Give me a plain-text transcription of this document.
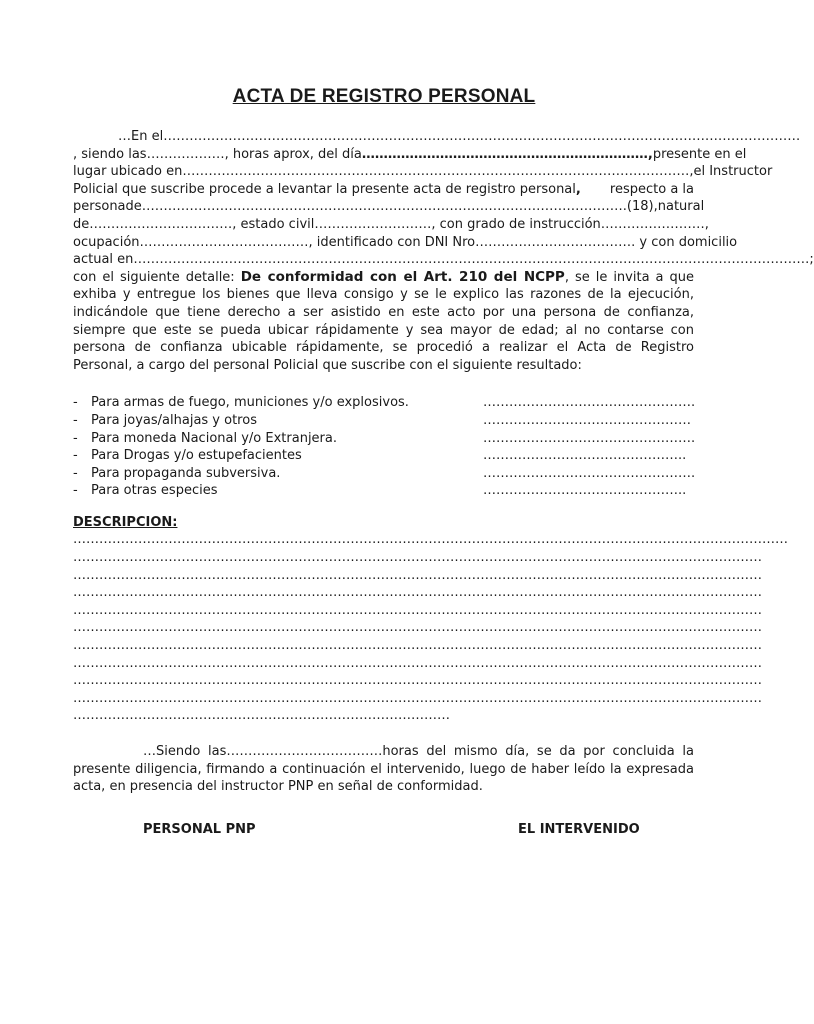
ACTA DE REGISTRO PERSONAL
…En el…………………………………………………………………………………………………………………………………
, siendo las………………, horas aprox, del día …………………………………………………………, presente en el
lugar ubicado en………………………………………………………………………………………………………, el Instructor
Policial que suscribe procede a levantar la presente acta de registro personal, respecto a la
persona de………………………………………………………………………………………………….(18), natural
de……………………………, estado civil………………………, con grado de instrucción……………………,
ocupación…………………………………, identificado con DNI Nro………………………………. y con domicilio
actual en…………………………………………………………………………………………………………………………………………;

con el siguiente detalle: De conformidad con el Art. 210 del NCPP, se le invita a que exhiba y entregue los bienes que lleva consigo y se le explico las razones de la ejecución, indicándole que tiene derecho a ser asistido en este acto por una persona de confianza, siempre que este se pueda ubicar rápidamente y sea mayor de edad; al no contarse con persona de confianza ubicable rápidamente, se procedió a realizar el Acta de Registro Personal, a cargo del personal Policial que suscribe con el siguiente resultado:

-	Para armas de fuego, municiones y/o explosivos.	………………………………………….
-	Para joyas/alhajas y otros	…………………………………………
-	Para moneda Nacional y/o Extranjera.	………………………………………….
-	Para Drogas y/o estupefacientes	………………………………………..
-	Para propaganda subversiva.	………………………………………….
-	Para otras especies	………………………………………..
DESCRIPCION:
…………………………………………………………………………………………………………………………………………………
……………………………………………………………………………………………………………………………………………
……………………………………………………………………………………………………………………………………………
……………………………………………………………………………………………………………………………………………
……………………………………………………………………………………………………………………………………………
……………………………………………………………………………………………………………………………………………
……………………………………………………………………………………………………………………………………………
……………………………………………………………………………………………………………………………………………
……………………………………………………………………………………………………………………………………………
……………………………………………………………………………………………………………………………………………
……………………………………………………………………………

…Siendo las………………………………horas del mismo día, se da por concluida la presente diligencia, firmando a continuación el intervenido, luego de haber leído la expresada acta, en presencia del instructor PNP en señal de conformidad.

PERSONAL PNP	EL INTERVENIDO
